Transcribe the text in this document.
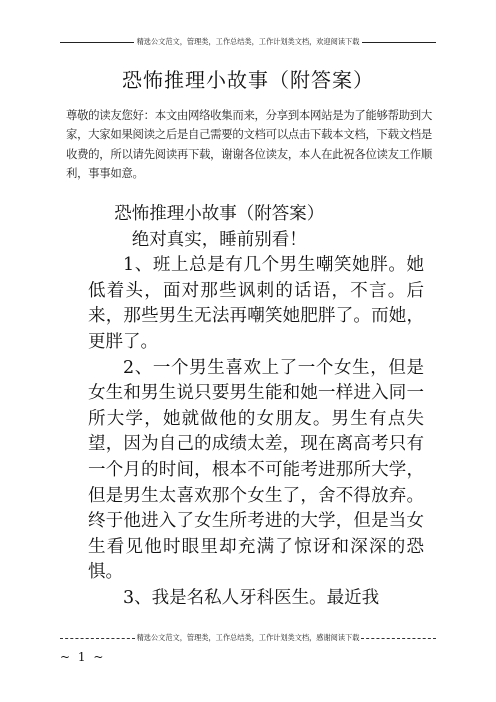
精选公文范文，管理类，工作总结类，工作计划类文档，欢迎阅读下载
恐怖推理小故事（附答案）
尊敬的读友您好：本文由网络收集而来，分享到本网站是为了能够帮助到大家，大家如果阅读之后是自己需要的文档可以点击下载本文档，下载文档是收费的，所以请先阅读再下载，谢谢各位读友，本人在此祝各位读友工作顺利，事事如意。

恐怖推理小故事（附答案）

绝对真实，睡前别看！

1、班上总是有几个男生嘲笑她胖。她低着头，面对那些讽刺的话语，不言。后来，那些男生无法再嘲笑她肥胖了。而她，更胖了。

2、一个男生喜欢上了一个女生，但是女生和男生说只要男生能和她一样进入同一所大学，她就做他的女朋友。男生有点失望，因为自己的成绩太差，现在离高考只有一个月的时间，根本不可能考进那所大学，但是男生太喜欢那个女生了，舍不得放弃。终于他进入了女生所考进的大学，但是当女生看见他时眼里却充满了惊讶和深深的恐惧。

3、我是名私人牙科医生。最近我

精选公文范文，管理类，工作总结类，工作计划类文档，感谢阅读下载
~ 1 ~
